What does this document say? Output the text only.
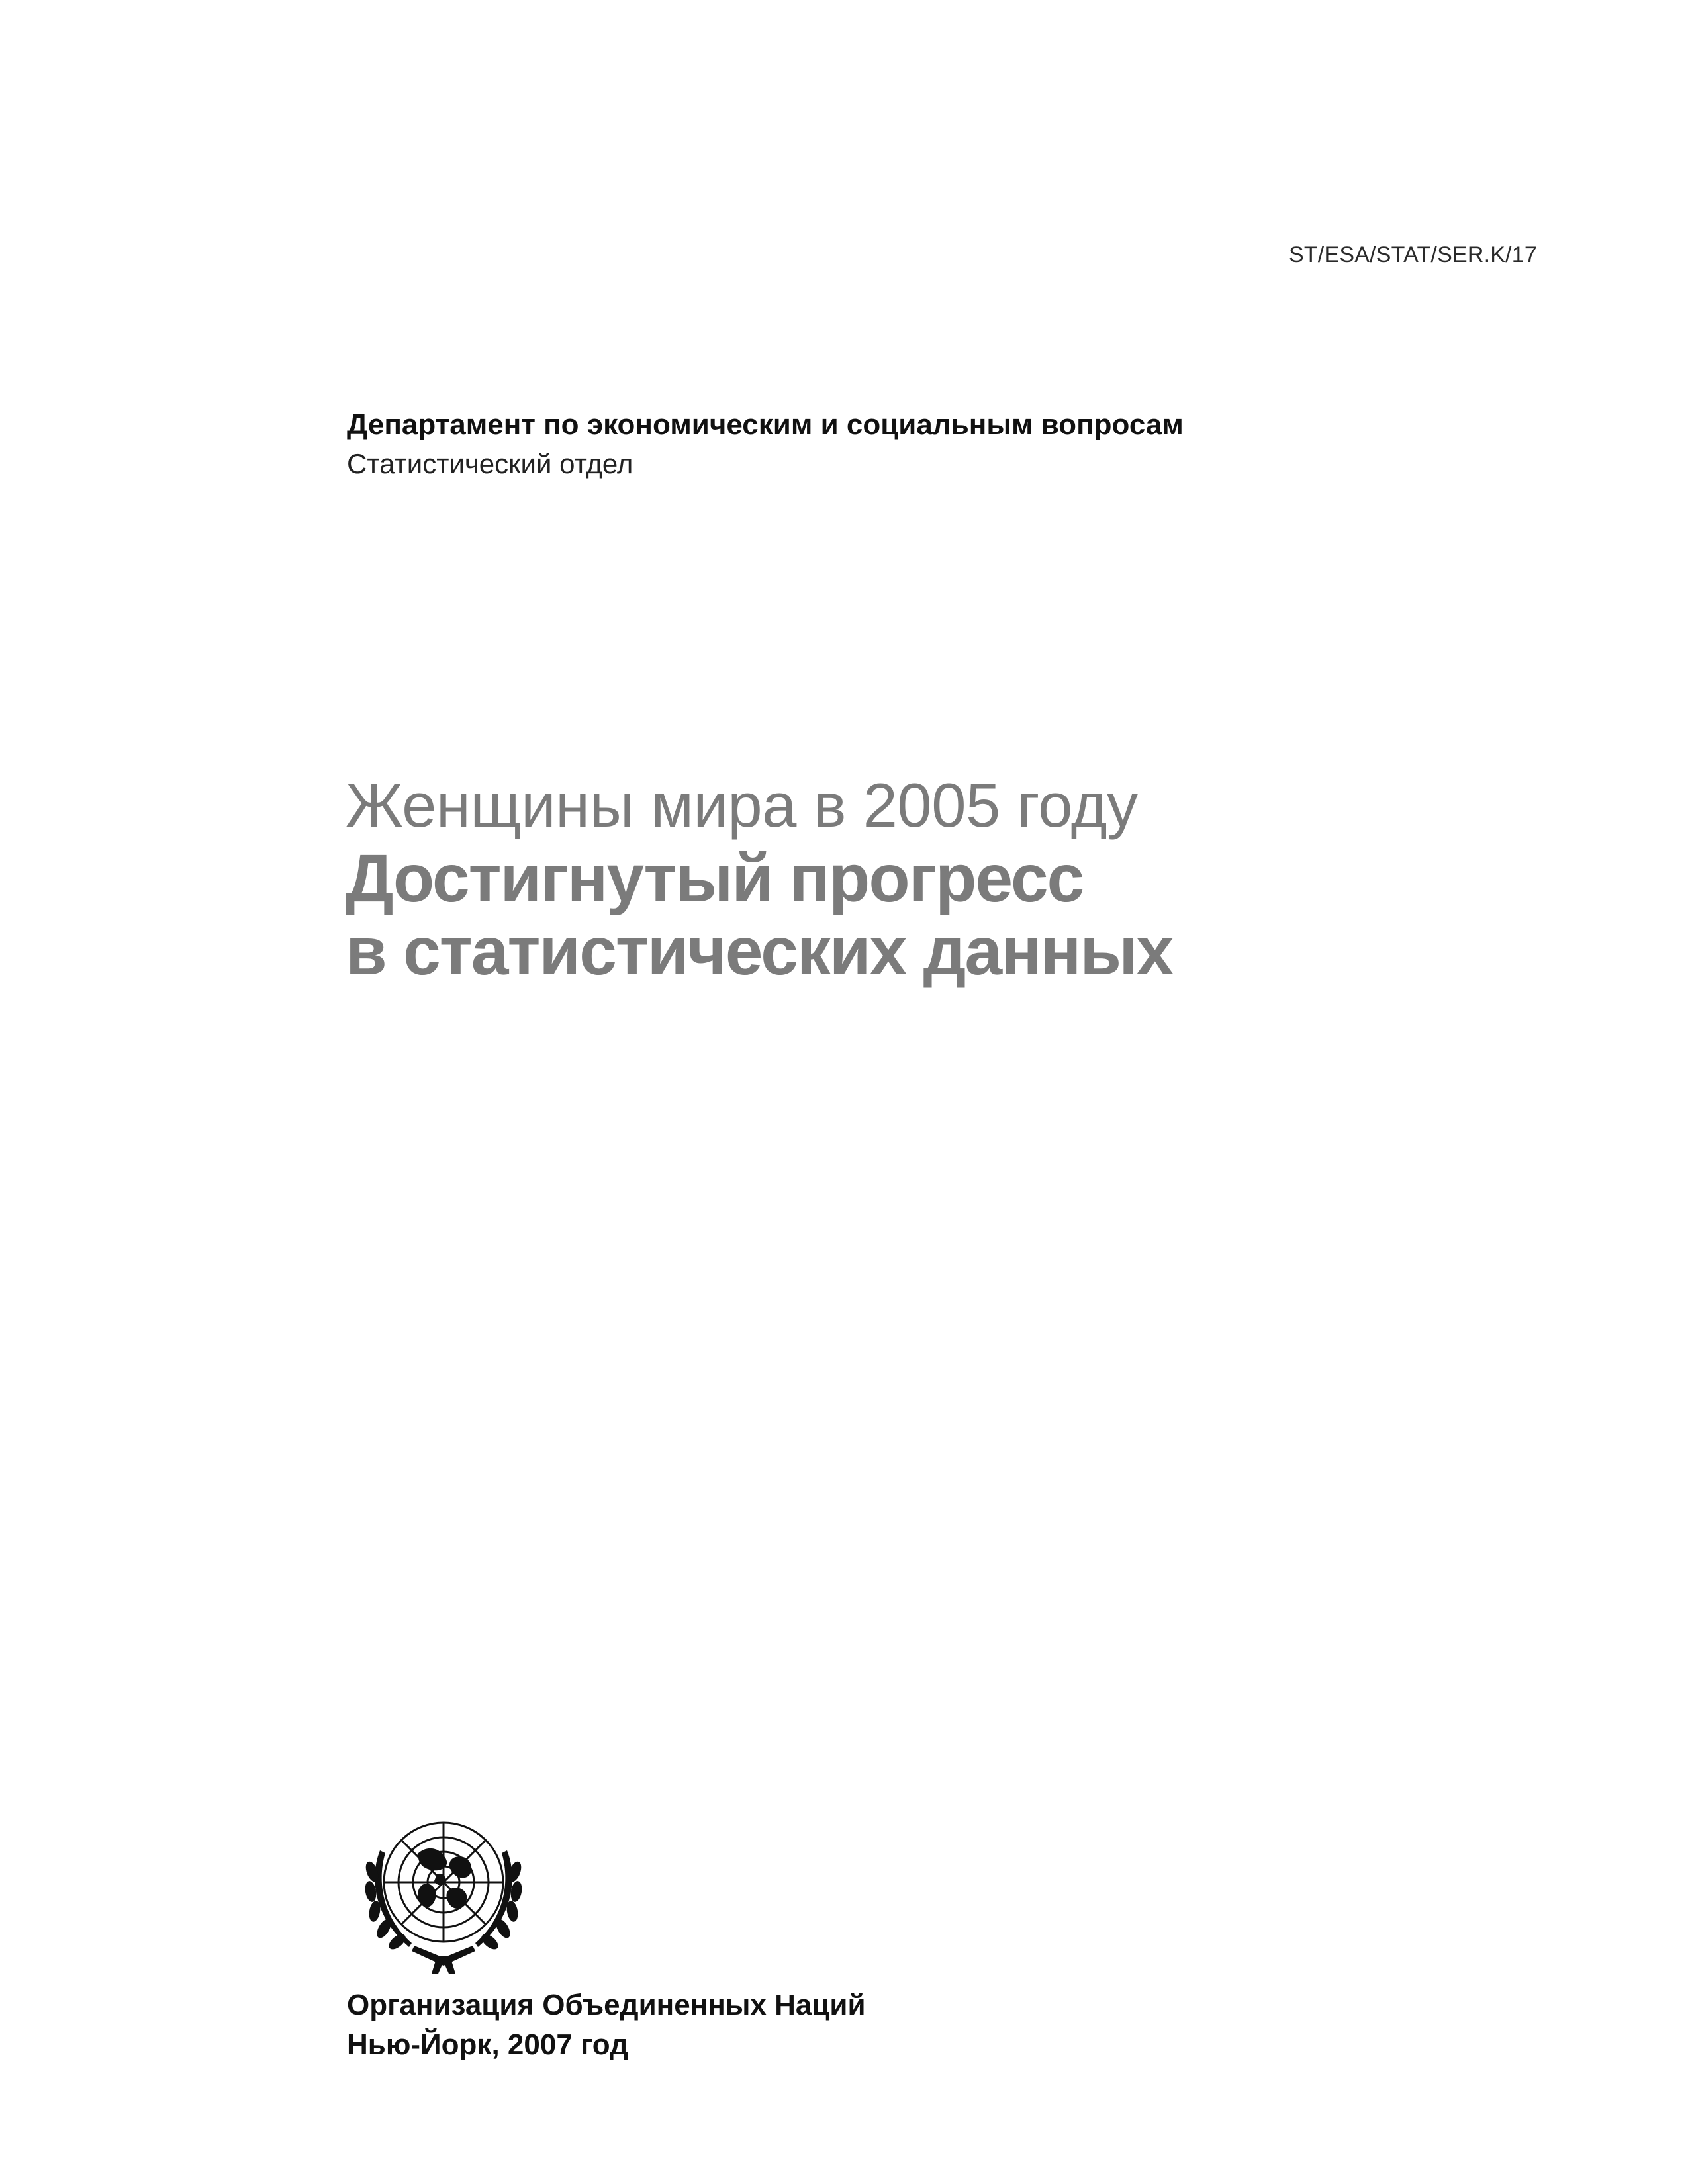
ST/ESA/STAT/SER.K/17
Департамент по экономическим и социальным вопросам
Статистический отдел
Женщины мира в 2005 году
Достигнутый прогресс
в статистических данных
Организация Объединенных Наций
Нью-Йорк, 2007 год
